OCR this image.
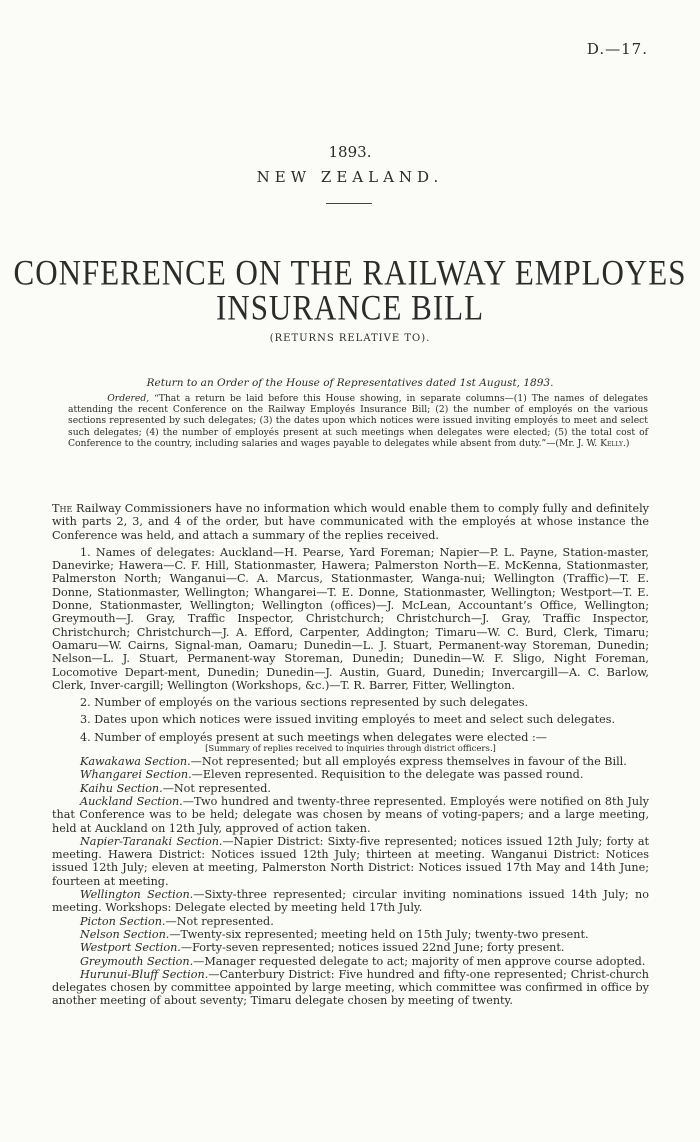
D.—17.
1893.
NEW ZEALAND.
CONFERENCE ON THE RAILWAY EMPLOYES
INSURANCE BILL
(RETURNS RELATIVE TO).
Return to an Order of the House of Representatives dated 1st August, 1893.
Ordered, “That a return be laid before this House showing, in separate columns—(1) The names of delegates attending the recent Conference on the Railway Employés Insurance Bill; (2) the number of employés on the various sections represented by such delegates; (3) the dates upon which notices were issued inviting employés to meet and select such delegates; (4) the number of employés present at such meetings when delegates were elected; (5) the total cost of Conference to the country, including salaries and wages payable to delegates while absent from duty.”—(Mr. J. W. Kelly.)

The Railway Commissioners have no information which would enable them to comply fully and definitely with parts 2, 3, and 4 of the order, but have communicated with the employés at whose instance the Conference was held, and attach a summary of the replies received.

1. Names of delegates: Auckland—H. Pearse, Yard Foreman; Napier—P. L. Payne, Station-master, Danevirke; Hawera—C. F. Hill, Stationmaster, Hawera; Palmerston North—E. McKenna, Stationmaster, Palmerston North; Wanganui—C. A. Marcus, Stationmaster, Wanga-nui; Wellington (Traffic)—T. E. Donne, Stationmaster, Wellington; Whangarei—T. E. Donne, Stationmaster, Wellington; Westport—T. E. Donne, Stationmaster, Wellington; Wellington (offices)—J. McLean, Accountant’s Office, Wellington; Greymouth—J. Gray, Traffic Inspector, Christchurch; Christchurch—J. Gray, Traffic Inspector, Christchurch; Christchurch—J. A. Efford, Carpenter, Addington; Timaru—W. C. Burd, Clerk, Timaru; Oamaru—W. Cairns, Signal-man, Oamaru; Dunedin—L. J. Stuart, Permanent-way Storeman, Dunedin; Nelson—L. J. Stuart, Permanent-way Storeman, Dunedin; Dunedin—W. F. Sligo, Night Foreman, Locomotive Depart-ment, Dunedin; Dunedin—J. Austin, Guard, Dunedin; Invercargill—A. C. Barlow, Clerk, Inver-cargill; Wellington (Workshops, &c.)—T. R. Barrer, Fitter, Wellington.

2. Number of employés on the various sections represented by such delegates.

3. Dates upon which notices were issued inviting employés to meet and select such delegates.

4. Number of employés present at such meetings when delegates were elected :—

[Summary of replies received to inquiries through district officers.]

Kawakawa Section.—Not represented; but all employés express themselves in favour of the Bill.

Whangarei Section.—Eleven represented. Requisition to the delegate was passed round.

Kaihu Section.—Not represented.

Auckland Section.—Two hundred and twenty-three represented. Employés were notified on 8th July that Conference was to be held; delegate was chosen by means of voting-papers; and a large meeting, held at Auckland on 12th July, approved of action taken.

Napier-Taranaki Section.—Napier District: Sixty-five represented; notices issued 12th July; forty at meeting. Hawera District: Notices issued 12th July; thirteen at meeting. Wanganui District: Notices issued 12th July; eleven at meeting, Palmerston North District: Notices issued 17th May and 14th June; fourteen at meeting.

Wellington Section.—Sixty-three represented; circular inviting nominations issued 14th July; no meeting. Workshops: Delegate elected by meeting held 17th July.

Picton Section.—Not represented.

Nelson Section.—Twenty-six represented; meeting held on 15th July; twenty-two present.

Westport Section.—Forty-seven represented; notices issued 22nd June; forty present.

Greymouth Section.—Manager requested delegate to act; majority of men approve course adopted.

Hurunui-Bluff Section.—Canterbury District: Five hundred and fifty-one represented; Christ-church delegates chosen by committee appointed by large meeting, which committee was confirmed in office by another meeting of about seventy; Timaru delegate chosen by meeting of twenty.
